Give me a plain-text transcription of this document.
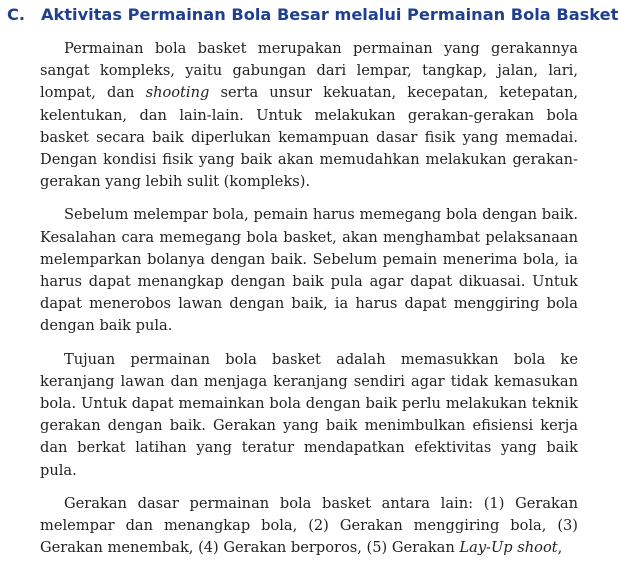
C. Aktivitas Permainan Bola Besar melalui Permainan Bola Basket

Permainan bola basket merupakan permainan yang gerakannya sangat kompleks, yaitu gabungan dari lempar, tangkap, jalan, lari, lompat, dan shooting serta unsur kekuatan, kecepatan, ketepatan, kelentukan, dan lain-lain. Untuk melakukan gerakan-gerakan bola basket secara baik diperlukan kemampuan dasar fisik yang memadai. Dengan kondisi fisik yang baik akan memudahkan melakukan gerakan-gerakan yang lebih sulit (kompleks).

Sebelum melempar bola, pemain harus memegang bola dengan baik. Kesalahan cara memegang bola basket, akan menghambat pelaksanaan melemparkan bolanya dengan baik. Sebelum pemain menerima bola, ia harus dapat menangkap dengan baik pula agar dapat dikuasai. Untuk dapat menerobos lawan dengan baik, ia harus dapat menggiring bola dengan baik pula.

Tujuan permainan bola basket adalah memasukkan bola ke keranjang lawan dan menjaga keranjang sendiri agar tidak kemasukan bola. Untuk dapat memainkan bola dengan baik perlu melakukan teknik gerakan dengan baik. Gerakan yang baik menimbulkan efisiensi kerja dan berkat latihan yang teratur mendapatkan efektivitas yang baik pula.

Gerakan dasar permainan bola basket antara lain: (1) Gerakan melempar dan menangkap bola, (2) Gerakan menggiring bola, (3) Gerakan menembak, (4) Gerakan berporos, (5) Gerakan Lay-Up shoot,
